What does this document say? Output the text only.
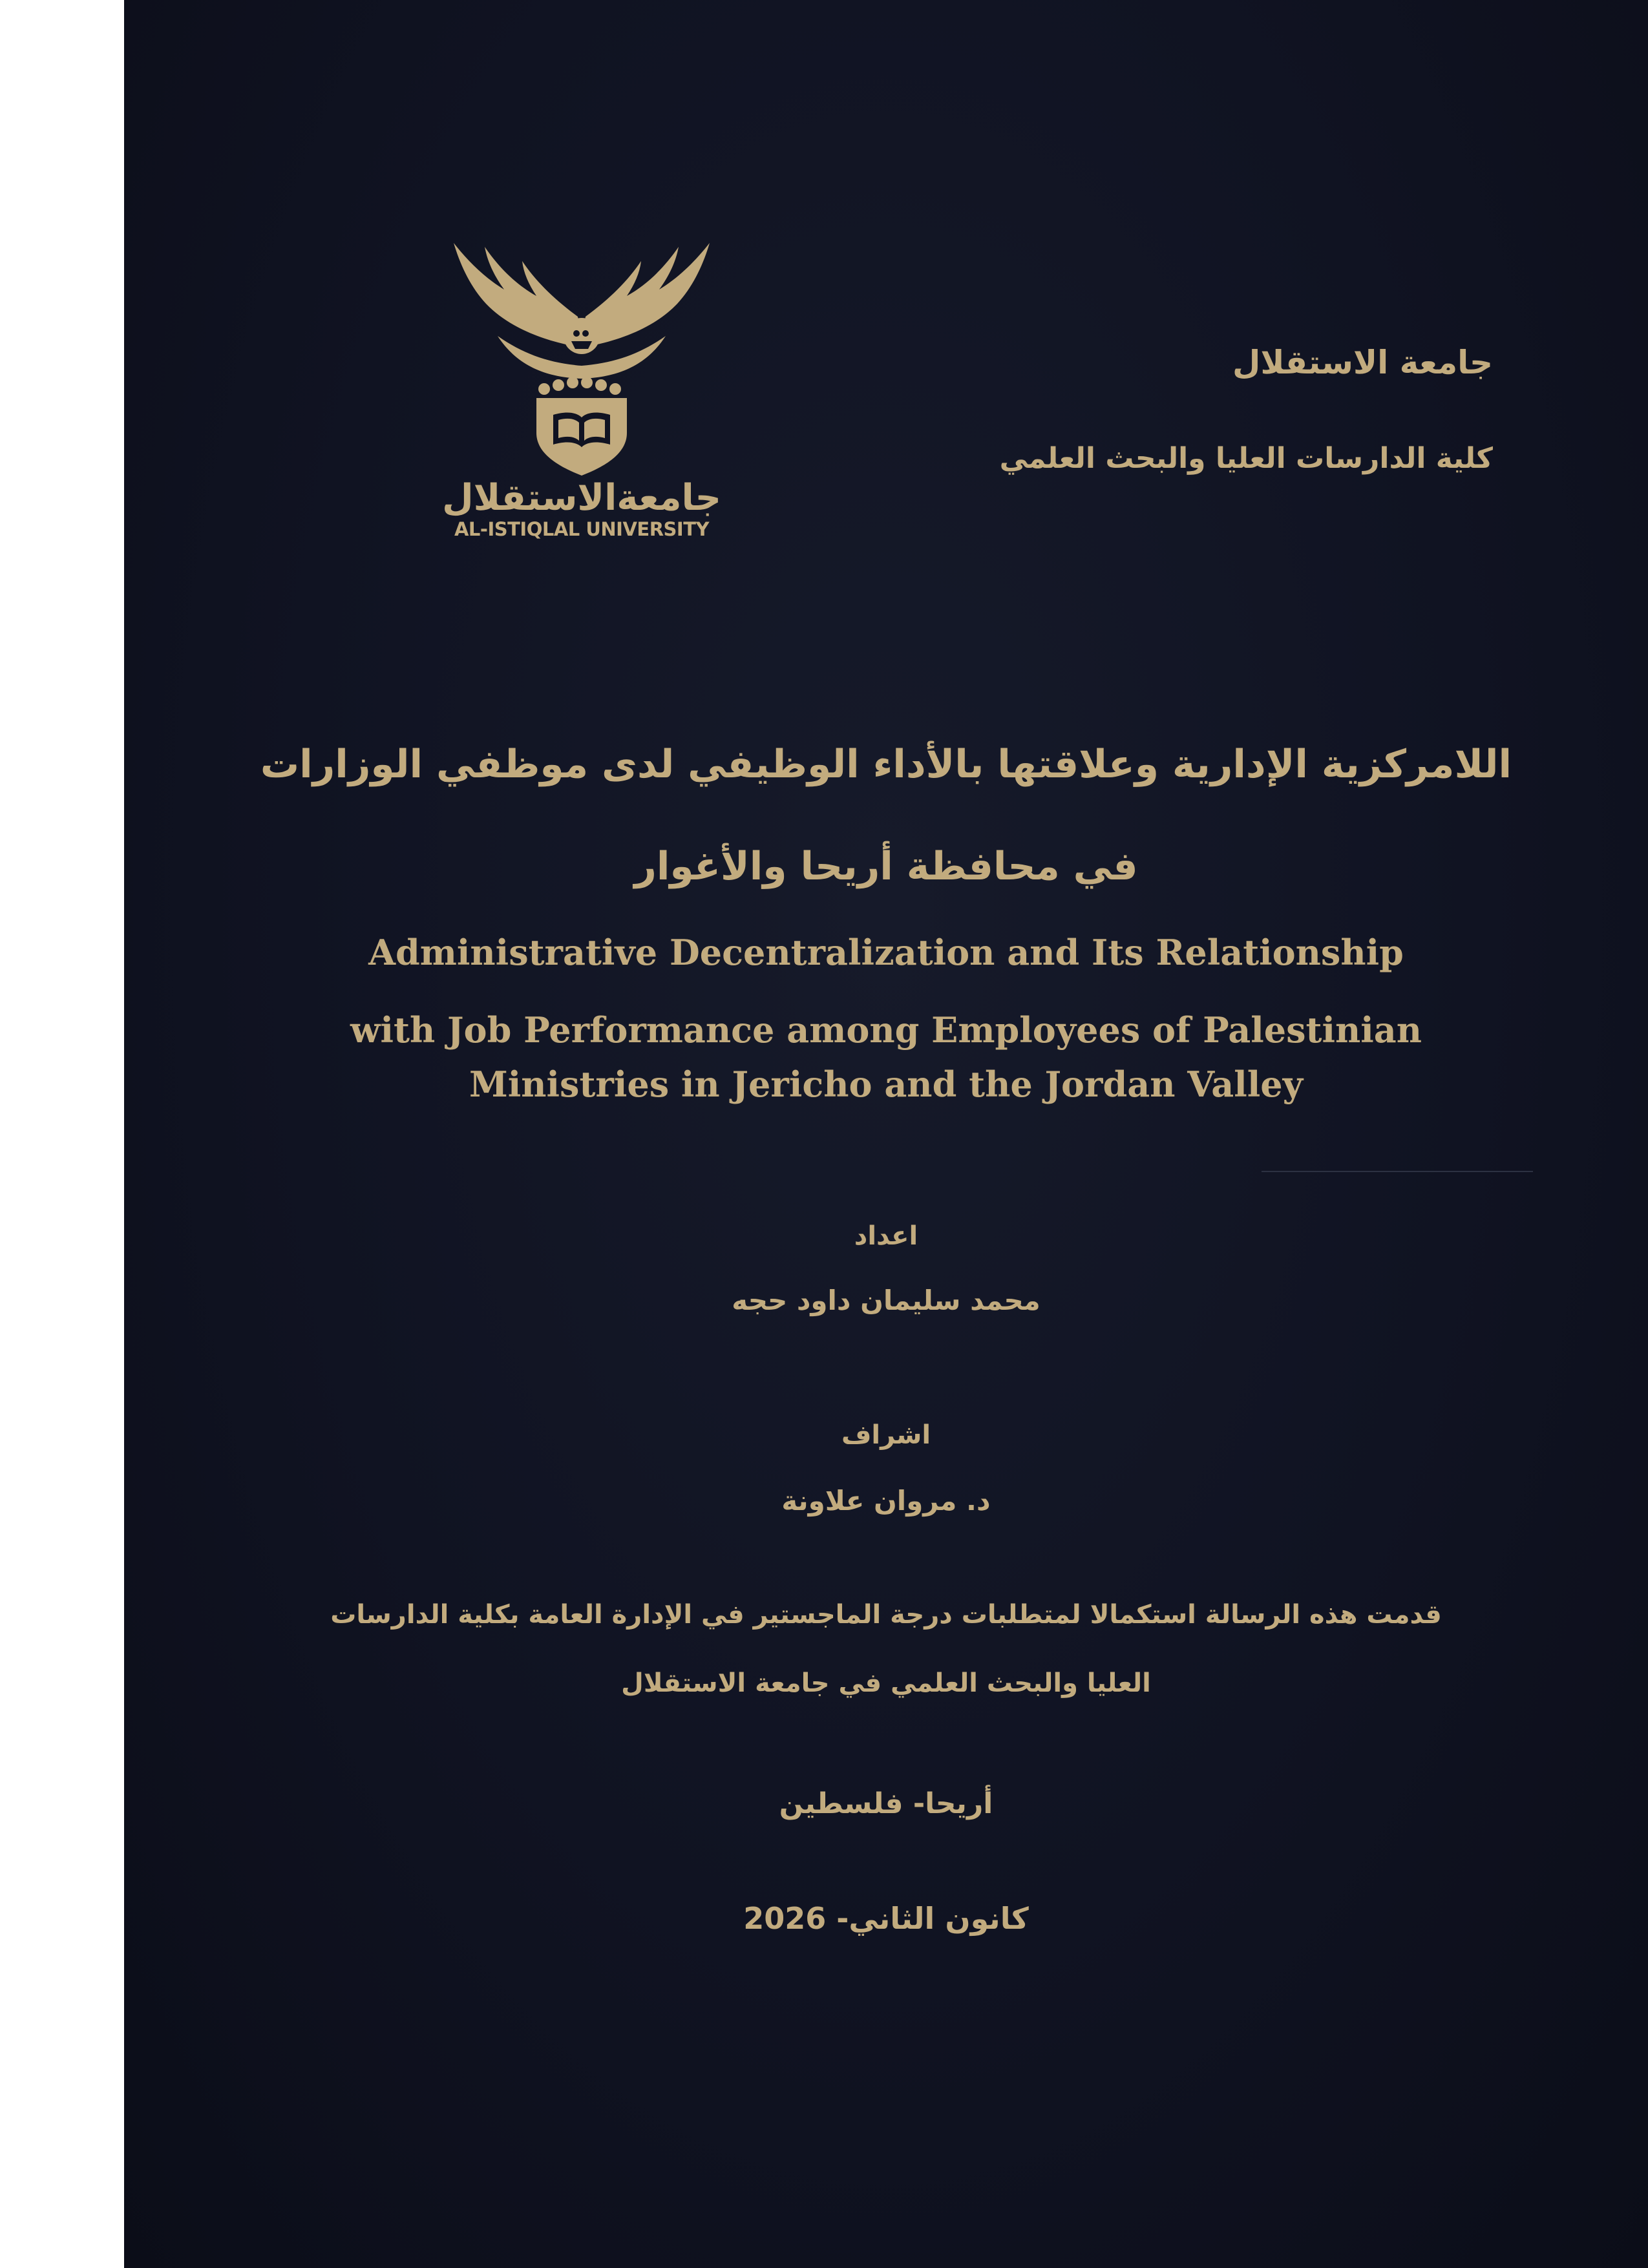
جامعةالاستقلال
AL-ISTIQLAL UNIVERSITY
جامعة الاستقلال
كلية الدارسات العليا والبحث العلمي
اللامركزية الإدارية وعلاقتها بالأداء الوظيفي لدى موظفي الوزارات
في محافظة أريحا والأغوار
Administrative Decentralization and Its Relationship
with Job Performance among Employees of Palestinian
Ministries in Jericho and the Jordan Valley
اعداد
محمد سليمان داود حجه
اشراف
د. مروان علاونة
قدمت هذه الرسالة استكمالا لمتطلبات درجة الماجستير في الإدارة العامة بكلية الدارسات
العليا والبحث العلمي في جامعة الاستقلال
أريحا- فلسطين
كانون الثاني- 2026
